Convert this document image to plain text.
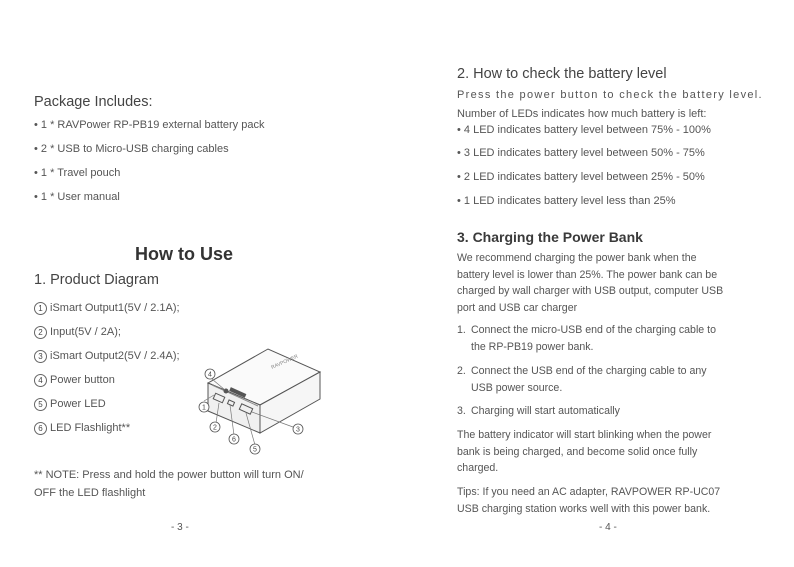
Package Includes:
• 1 * RAVPower RP-PB19 external battery pack
• 2 * USB to Micro-USB charging cables
• 1 * Travel pouch
• 1 * User manual
How to Use
1. Product Diagram
1 iSmart Output1(5V / 2.1A);
2 Input(5V / 2A);
3 iSmart Output2(5V / 2.4A);
4 Power button
5 Power LED
6 LED Flashlight**
RAVPOWER
4
1
2
6
5
3
** NOTE: Press and hold the power button will turn ON/
OFF the LED flashlight
- 3 -
2. How to check the battery level
Press the power button to check the battery level.
Number of LEDs indicates how much battery is left:
• 4 LED indicates battery level between 75% - 100%
• 3 LED indicates battery level between 50% - 75%
• 2 LED indicates battery level between 25% - 50%
• 1 LED indicates battery level less than 25%
3. Charging the Power Bank
We recommend charging the power bank when the
battery level is lower than 25%. The power bank can be
charged by wall charger with USB output, computer USB
port and USB car charger
1. Connect the micro-USB end of the charging cable to
the RP-PB19 power bank.
2. Connect the USB end of the charging cable to any
USB power source.
3. Charging will start automatically
The battery indicator will start blinking when the power
bank is being charged, and become solid once fully
charged.
Tips: If you need an AC adapter, RAVPOWER RP-UC07
USB charging station works well with this power bank.
- 4 -
